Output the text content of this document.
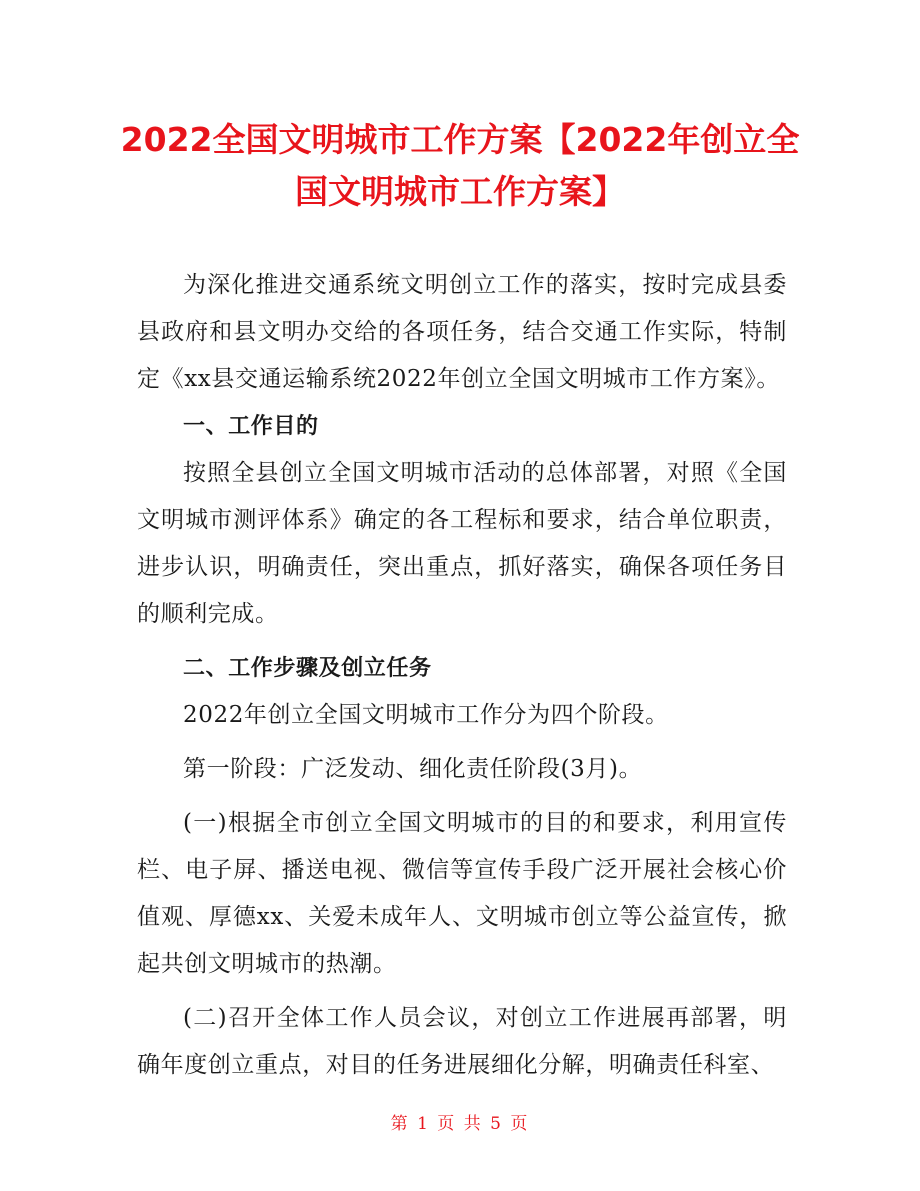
2022全国文明城市工作方案【2022年创立全
国文明城市工作方案】

为深化推进交通系统文明创立工作的落实，按时完成县委县政府和县文明办交给的各项任务，结合交通工作实际，特制定《xx县交通运输系统2022年创立全国文明城市工作方案》。

一、工作目的

按照全县创立全国文明城市活动的总体部署，对照《全国文明城市测评体系》确定的各工程标和要求，结合单位职责，进步认识，明确责任，突出重点，抓好落实，确保各项任务目的顺利完成。

二、工作步骤及创立任务

2022年创立全国文明城市工作分为四个阶段。

第一阶段：广泛发动、细化责任阶段(3月)。

(一)根据全市创立全国文明城市的目的和要求，利用宣传栏、电子屏、播送电视、微信等宣传手段广泛开展社会核心价值观、厚德xx、关爱未成年人、文明城市创立等公益宣传，掀起共创文明城市的热潮。

(二)召开全体工作人员会议，对创立工作进展再部署，明确年度创立重点，对目的任务进展细化分解，明确责任科室、

第 1 页 共 5 页
